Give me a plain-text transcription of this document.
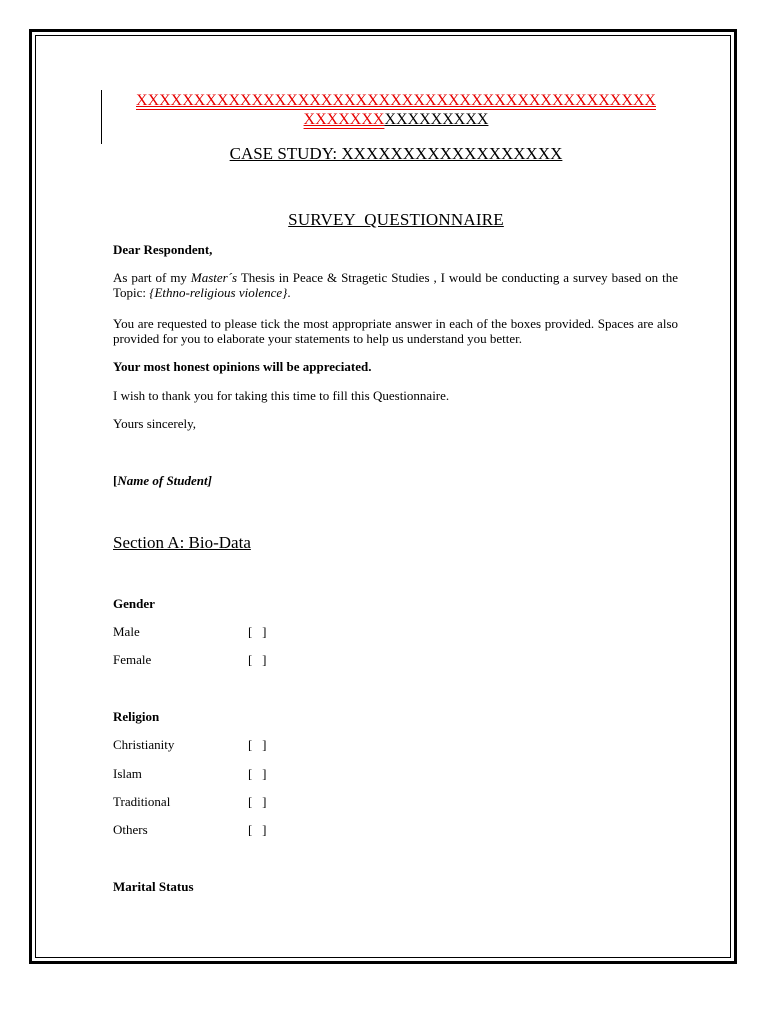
XXXXXXXXXXXXXXXXXXXXXXXXXXXXXXXXXXXXXXXXXXXXX
XXXXXXXXXXXXXXXX
CASE STUDY: XXXXXXXXXXXXXXXXXX
SURVEY  QUESTIONNAIRE
Dear Respondent,
As part of my Master´s Thesis in Peace & Stragetic Studies , I would be conducting a survey based on the Topic: {Ethno-religious violence}.
You are requested to please tick the most appropriate answer in each of the boxes provided. Spaces are also provided for you to elaborate your statements to help us understand you better.
Your most honest opinions will be appreciated.
I wish to thank you for taking this time to fill this Questionnaire.
Yours sincerely,
[Name of Student]
Section A: Bio-Data
Gender
Male	[   ]
Female	[   ]
Religion
Christianity	[   ]
Islam	[   ]
Traditional	[   ]
Others	[   ]
Marital Status
